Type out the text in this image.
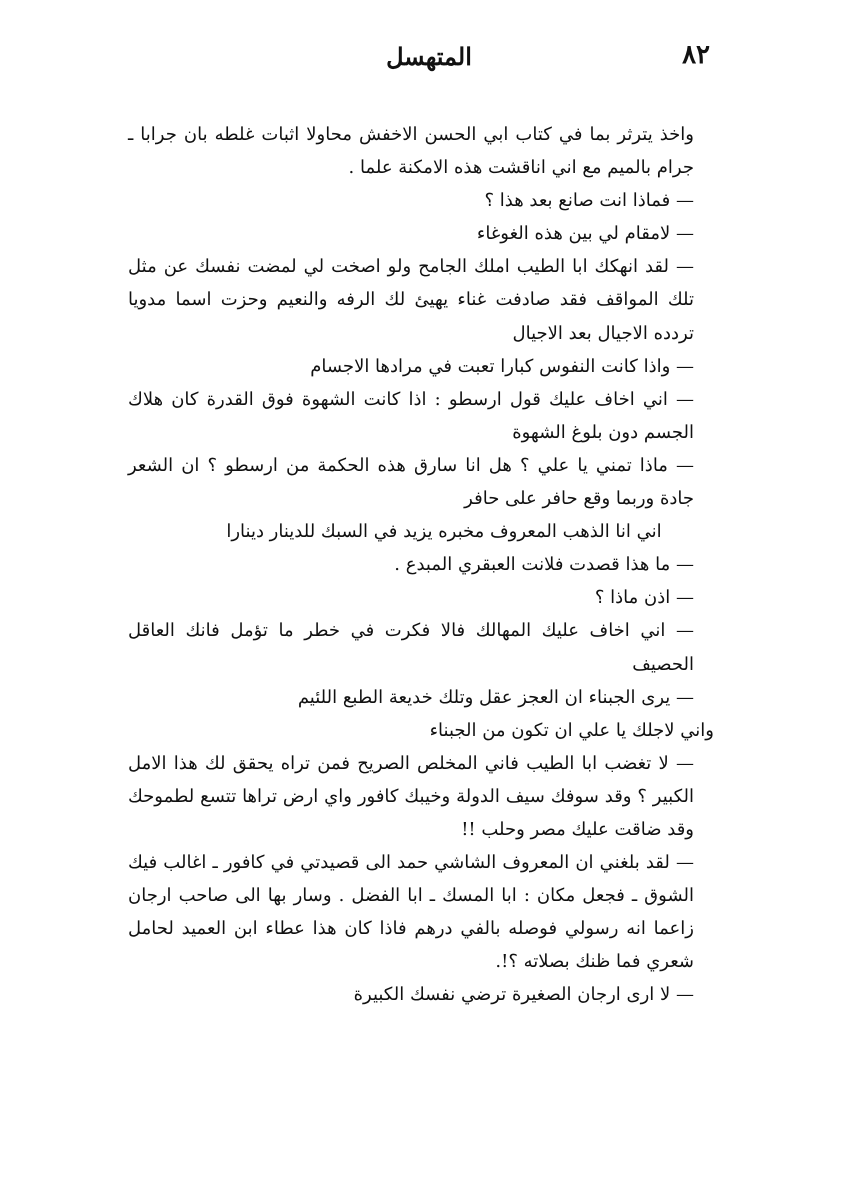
٨٢
المتهسل

واخذ يترثر بما في كتاب ابي الحسن الاخفش محاولا اثبات غلطه بان جرابا ـ جرام بالميم مع اني اناقشت هذه الامكنة علما .

— فماذا انت صانع بعد هذا ؟

— لامقام لي بين هذه الغوغاء

— لقد انهكك ابا الطيب املك الجامح ولو اصخت لي لمضت نفسك عن مثل تلك المواقف فقد صادفت غناء يهيئ لك الرفه والنعيم وحزت اسما مدويا تردده الاجيال بعد الاجيال

— واذا كانت النفوس كبارا تعبت في مرادها الاجسام

— اني اخاف عليك قول ارسطو : اذا كانت الشهوة فوق القدرة كان هلاك الجسم دون بلوغ الشهوة

— ماذا تمني يا علي ؟ هل انا سارق هذه الحكمة من ارسطو ؟ ان الشعر جادة وربما وقع حافر على حافر

اني انا الذهب المعروف مخبره يزيد في السبك للدينار دينارا

— ما هذا قصدت فلانت العبقري المبدع .

— اذن ماذا ؟

— اني اخاف عليك المهالك فالا فكرت في خطر ما تؤمل فانك العاقل الحصيف

— يرى الجبناء ان العجز عقل وتلك خديعة الطبع اللئيم

واني لاجلك يا علي ان تكون من الجبناء

— لا تغضب ابا الطيب فاني المخلص الصريح فمن تراه يحقق لك هذا الامل الكبير ؟ وقد سوفك سيف الدولة وخيبك كافور واي ارض تراها تتسع لطموحك وقد ضاقت عليك مصر وحلب !!

— لقد بلغني ان المعروف الشاشي حمد الى قصيدتي في كافور ـ اغالب فيك الشوق ـ فجعل مكان : ابا المسك ـ ابا الفضل . وسار بها الى صاحب ارجان زاعما انه رسولي فوصله بالفي درهم فاذا كان هذا عطاء ابن العميد لحامل شعري فما ظنك بصلاته ؟!.

— لا ارى ارجان الصغيرة ترضي نفسك الكبيرة
